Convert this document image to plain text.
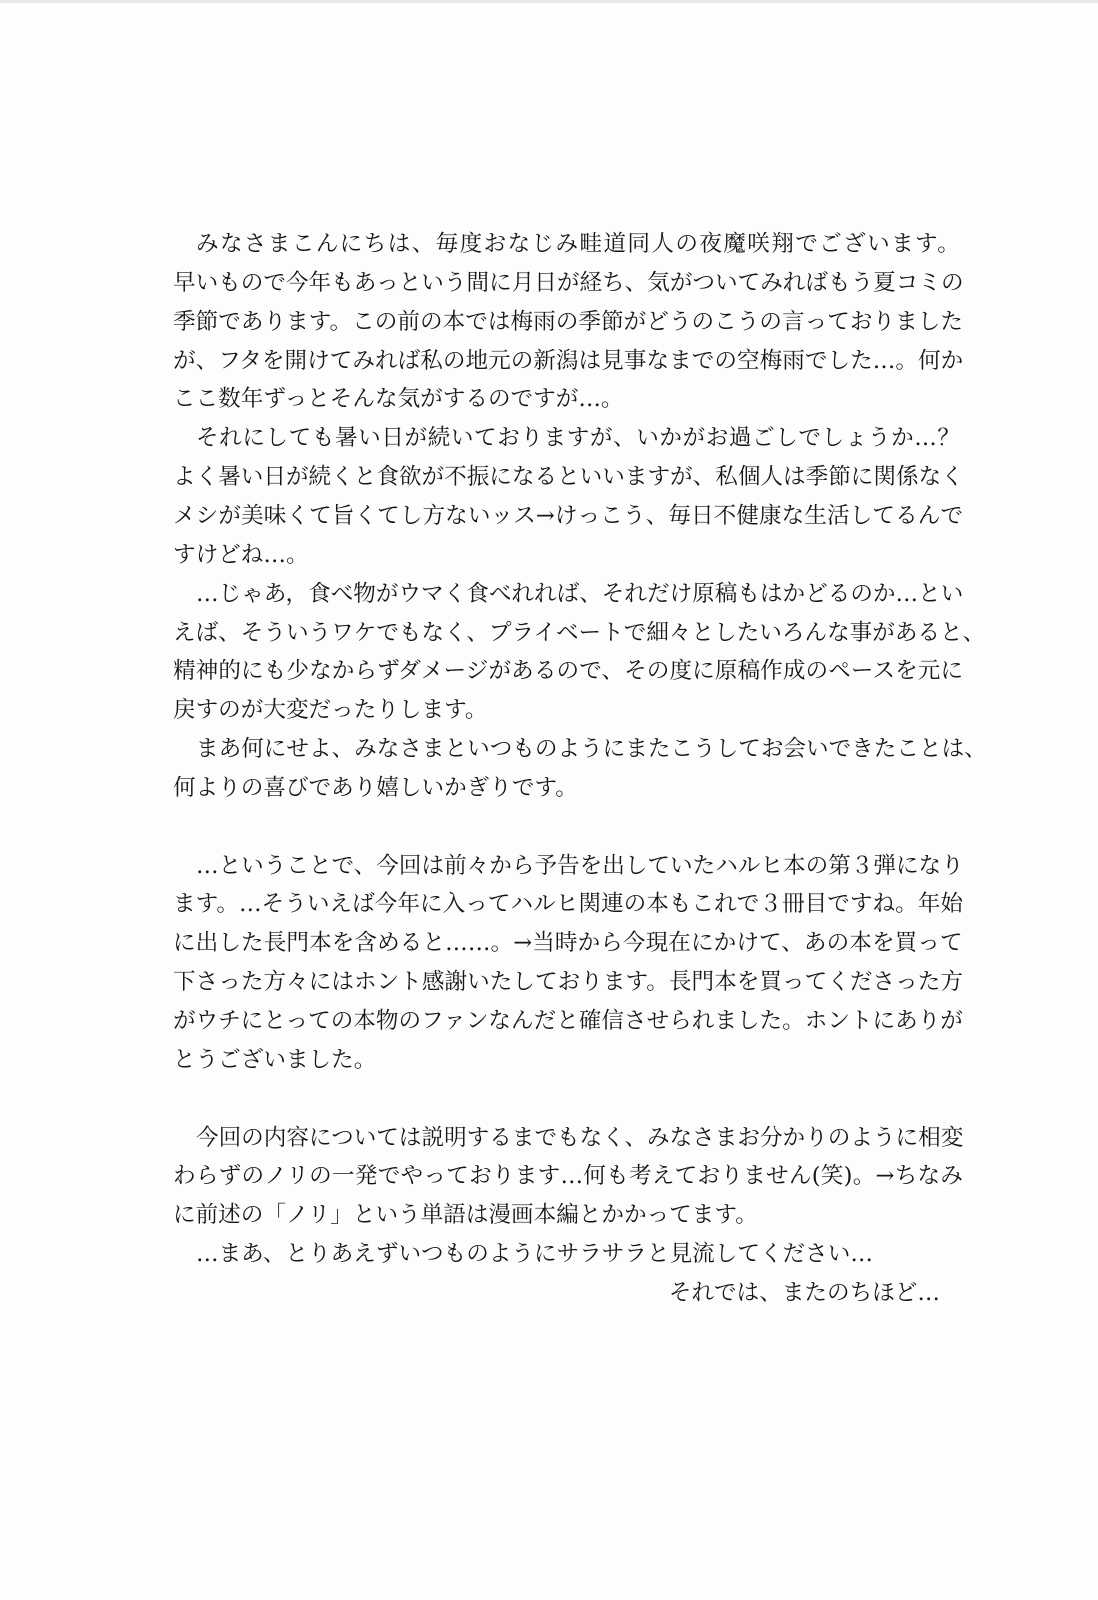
みなさまこんにちは、毎度おなじみ畦道同人の夜魔咲翔でございます。
早いもので今年もあっという間に月日が経ち、気がついてみればもう夏コミの
季節であります。この前の本では梅雨の季節がどうのこうの言っておりました
が、フタを開けてみれば私の地元の新潟は見事なまでの空梅雨でした…。何か
ここ数年ずっとそんな気がするのですが…。
それにしても暑い日が続いておりますが、いかがお過ごしでしょうか…？
よく暑い日が続くと食欲が不振になるといいますが、私個人は季節に関係なく
メシが美味くて旨くてし方ないッス→けっこう、毎日不健康な生活してるんで
すけどね…。
…じゃあ，食べ物がウマく食べれれば、それだけ原稿もはかどるのか…とい
えば、そういうワケでもなく、プライベートで細々としたいろんな事があると、
精神的にも少なからずダメージがあるので、その度に原稿作成のペースを元に
戻すのが大変だったりします。
まあ何にせよ、みなさまといつものようにまたこうしてお会いできたことは、
何よりの喜びであり嬉しいかぎりです。
…ということで、今回は前々から予告を出していたハルヒ本の第３弾になり
ます。…そういえば今年に入ってハルヒ関連の本もこれで３冊目ですね。年始
に出した長門本を含めると……。→当時から今現在にかけて、あの本を買って
下さった方々にはホント感謝いたしております。長門本を買ってくださった方
がウチにとっての本物のファンなんだと確信させられました。ホントにありが
とうございました。
今回の内容については説明するまでもなく、みなさまお分かりのように相変
わらずのノリの一発でやっております…何も考えておりません(笑)。→ちなみ
に前述の「ノリ」という単語は漫画本編とかかってます。
…まあ、とりあえずいつものようにサラサラと見流してください…
それでは、またのちほど…
